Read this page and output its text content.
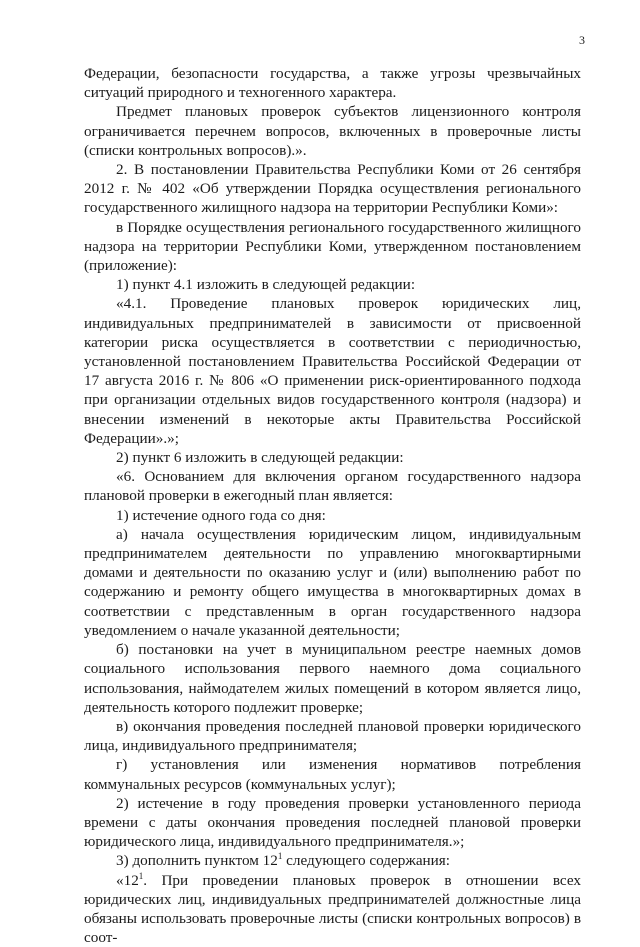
3

Федерации, безопасности государства, а также угрозы чрезвычайных ситуаций природного и техногенного характера.

Предмет плановых проверок субъектов лицензионного контроля ограничивается перечнем вопросов, включенных в проверочные листы (списки контрольных вопросов).».

2. В постановлении Правительства Республики Коми от 26 сентября 2012 г. № 402 «Об утверждении Порядка осуществления регионального государственного жилищного надзора на территории Республики Коми»:

в Порядке осуществления регионального государственного жилищного надзора на территории Республики Коми, утвержденном постановлением (приложение):

1) пункт 4.1 изложить в следующей редакции:

«4.1. Проведение плановых проверок юридических лиц, индивидуальных предпринимателей в зависимости от присвоенной категории риска осуществляется в соответствии с периодичностью, установленной постановлением Правительства Российской Федерации от 17 августа 2016 г. № 806 «О применении риск-ориентированного подхода при организации отдельных видов государственного контроля (надзора) и внесении изменений в некоторые акты Правительства Российской Федерации».»;

2) пункт 6 изложить в следующей редакции:

«6. Основанием для включения органом государственного надзора плановой проверки в ежегодный план является:

1) истечение одного года со дня:

а) начала осуществления юридическим лицом, индивидуальным предпринимателем деятельности по управлению многоквартирными домами и деятельности по оказанию услуг и (или) выполнению работ по содержанию и ремонту общего имущества в многоквартирных домах в соответствии с представленным в орган государственного надзора уведомлением о начале указанной деятельности;

б) постановки на учет в муниципальном реестре наемных домов социального использования первого наемного дома социального использования, наймодателем жилых помещений в котором является лицо, деятельность которого подлежит проверке;

в) окончания проведения последней плановой проверки юридического лица, индивидуального предпринимателя;

г) установления или изменения нормативов потребления коммунальных ресурсов (коммунальных услуг);

2) истечение в году проведения проверки установленного периода времени с даты окончания проведения последней плановой проверки юридического лица, индивидуального предпринимателя.»;

3) дополнить пунктом $12^1$ следующего содержания:

«$12^1$. При проведении плановых проверок в отношении всех юридических лиц, индивидуальных предпринимателей должностные лица обязаны использовать проверочные листы (списки контрольных вопросов) в соот-
